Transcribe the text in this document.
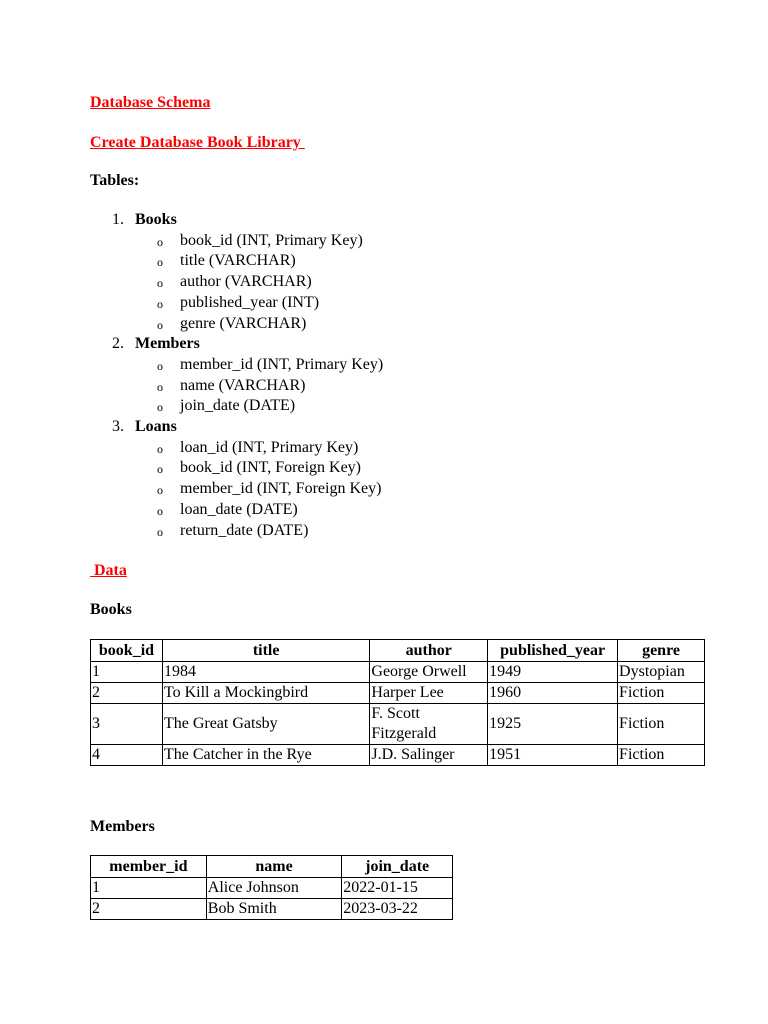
Database Schema
Create Database Book Library
Tables:
1. Books
o book_id (INT, Primary Key)
o title (VARCHAR)
o author (VARCHAR)
o published_year (INT)
o genre (VARCHAR)
2. Members
o member_id (INT, Primary Key)
o name (VARCHAR)
o join_date (DATE)
3. Loans
o loan_id (INT, Primary Key)
o book_id (INT, Foreign Key)
o member_id (INT, Foreign Key)
o loan_date (DATE)
o return_date (DATE)
Data
Books
book_id	title	author	published_year	genre
1	1984	George Orwell	1949	Dystopian
2	To Kill a Mockingbird	Harper Lee	1960	Fiction
3	The Great Gatsby	F. Scott Fitzgerald	1925	Fiction
4	The Catcher in the Rye	J.D. Salinger	1951	Fiction
Members
member_id	name	join_date
1	Alice Johnson	2022-01-15
2	Bob Smith	2023-03-22
